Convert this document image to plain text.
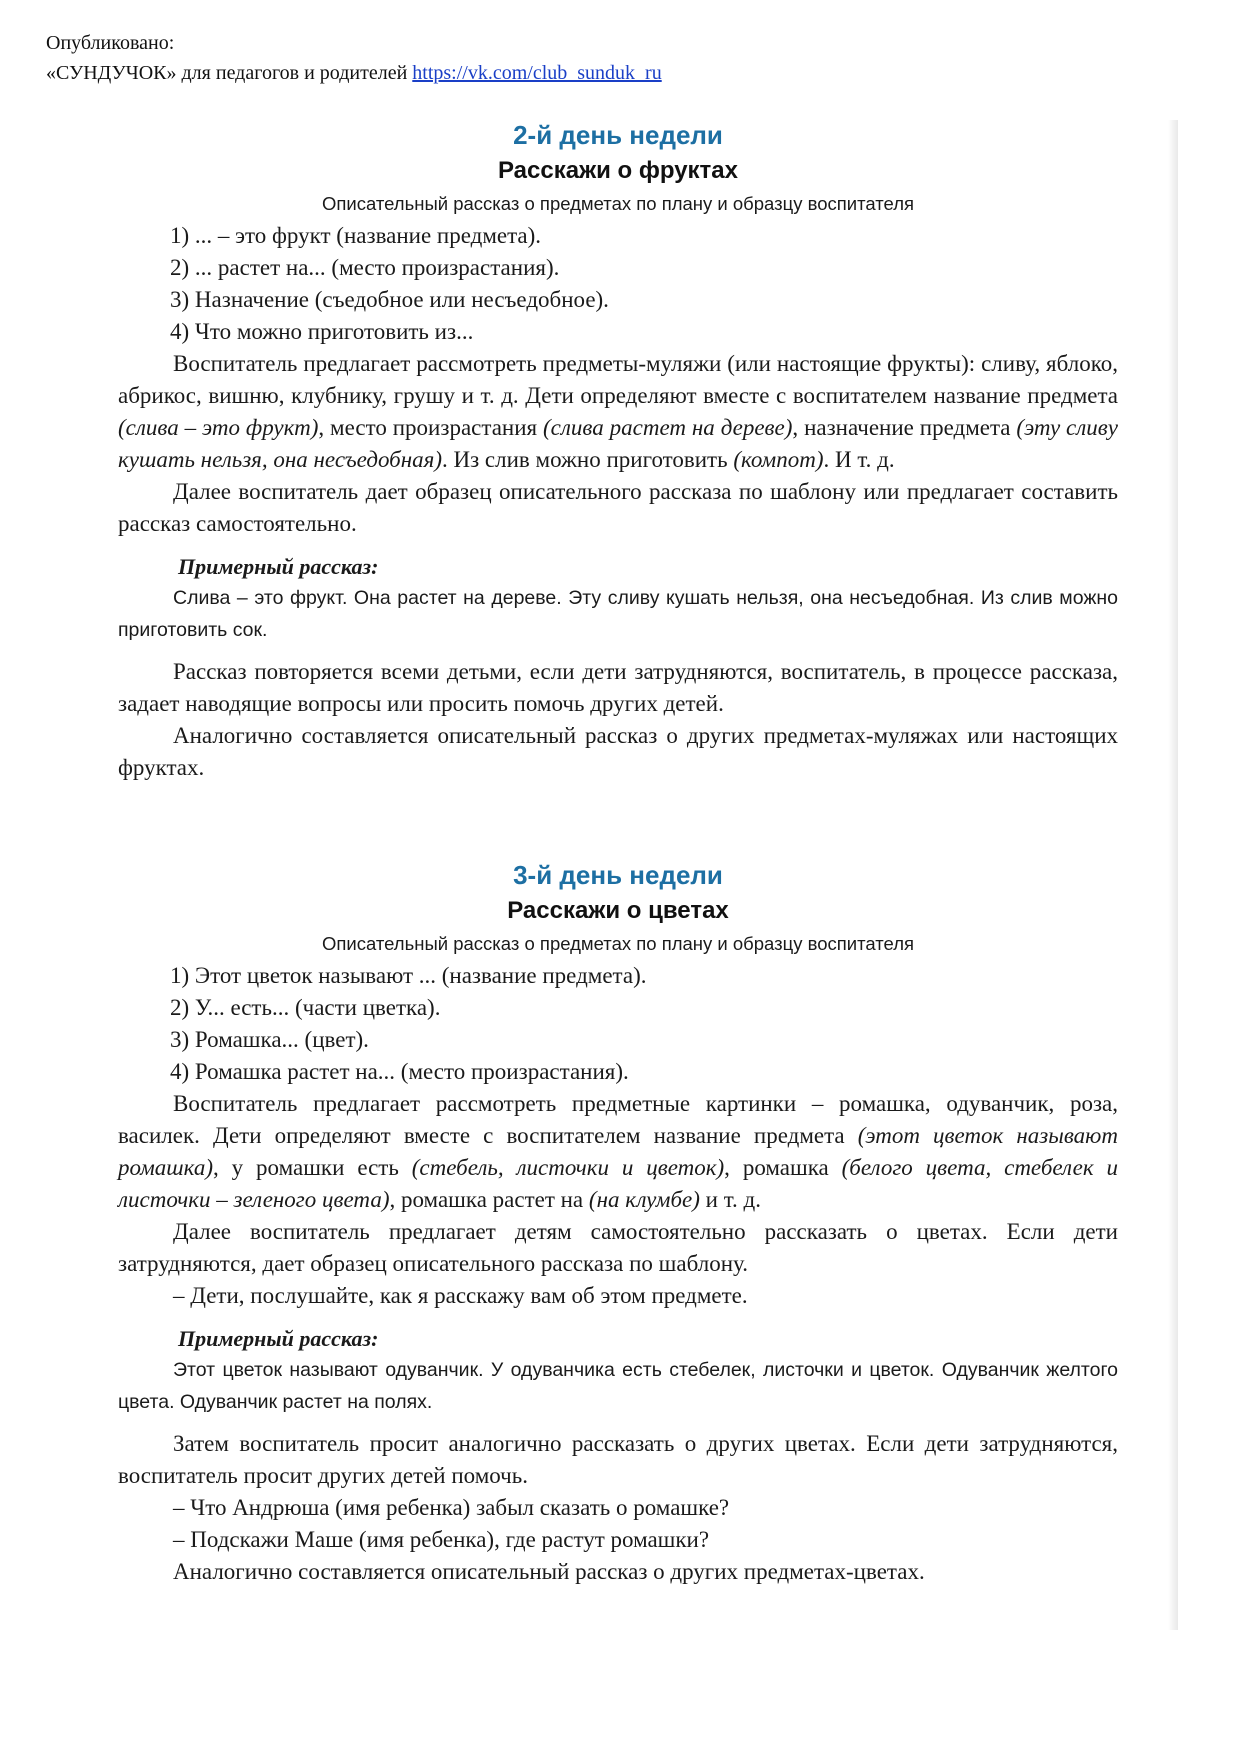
Опубликовано:
«СУНДУЧОК» для педагогов и родителей https://vk.com/club_sunduk_ru
2-й день недели
Расскажи о фруктах

Описательный рассказ о предметах по плану и образцу воспитателя

1) ... – это фрукт (название предмета).

2) ... растет на... (место произрастания).

3) Назначение (съедобное или несъедобное).

4) Что можно приготовить из...

Воспитатель предлагает рассмотреть предметы-муляжи (или настоящие фрукты): сливу, яблоко, абрикос, вишню, клубнику, грушу и т. д. Дети определяют вместе с воспитателем название предмета (слива – это фрукт), место произрастания (слива растет на дереве), назначение предмета (эту сливу кушать нельзя, она несъедобная). Из слив можно приготовить (компот). И т. д.

Далее воспитатель дает образец описательного рассказа по шаблону или предлагает составить рассказ самостоятельно.

Примерный рассказ:

Слива – это фрукт. Она растет на дереве. Эту сливу кушать нельзя, она несъедобная. Из слив можно приготовить сок.

Рассказ повторяется всеми детьми, если дети затрудняются, воспитатель, в процессе рассказа, задает наводящие вопросы или просить помочь других детей.

Аналогично составляется описательный рассказ о других предметах-муляжах или настоящих фруктах.

3-й день недели
Расскажи о цветах

Описательный рассказ о предметах по плану и образцу воспитателя

1) Этот цветок называют ... (название предмета).

2) У... есть... (части цветка).

3) Ромашка... (цвет).

4) Ромашка растет на... (место произрастания).

Воспитатель предлагает рассмотреть предметные картинки – ромашка, одуванчик, роза, василек. Дети определяют вместе с воспитателем название предмета (этот цветок называют ромашка), у ромашки есть (стебель, листочки и цветок), ромашка (белого цвета, стебелек и листочки – зеленого цвета), ромашка растет на (на клумбе) и т. д.

Далее воспитатель предлагает детям самостоятельно рассказать о цветах. Если дети затрудняются, дает образец описательного рассказа по шаблону.

– Дети, послушайте, как я расскажу вам об этом предмете.

Примерный рассказ:

Этот цветок называют одуванчик. У одуванчика есть стебелек, листочки и цветок. Одуванчик желтого цвета. Одуванчик растет на полях.

Затем воспитатель просит аналогично рассказать о других цветах. Если дети затрудняются, воспитатель просит других детей помочь.

– Что Андрюша (имя ребенка) забыл сказать о ромашке?

– Подскажи Маше (имя ребенка), где растут ромашки?

Аналогично составляется описательный рассказ о других предметах-цветах.
